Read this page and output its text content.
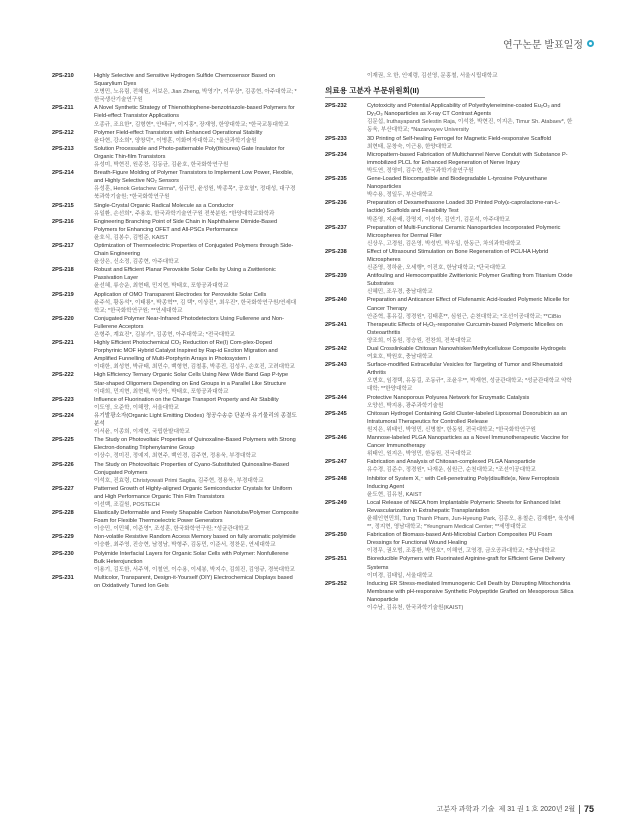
연구논문 발표일정
2PS-210	Highly Selective and Sensitive Hydrogen Sulfide Chemosensor Based on Squarylium Dyes
오병민, 노유림, 전혜원, 서보은, Jian Zheng, 박영기*, 이무상*, 김종현, 아주대학교; *한국생산기술연구원
2PS-211	A Novel Synthetic Strategy of Thienothiophene-benzotriazole-based Polymers for Field-effect Transistor Applications
오종규, 조요한*, 김형현*, 안태규*, 이지홍*, 장재영, 한양대학교; *한국교통대학교
2PS-212	Polymer Field-effect Transistors with Enhanced Operational Stability
윤다현, 강소희*, 양창덕*, 이병훈, 이화여자대학교; *울산과학기술원
2PS-213	Solution Processable and Photo-patternable Poly(thiourea) Gate Insulator for Organic Thin-film Transistors
유성미, 박현진, 원종찬, 김동균, 김윤호, 한국화학연구원
2PS-214	Breath-Figure Molding of Polymer Transistors to Implement Low Power, Flexible, and Highly Selective NO₂ Sensors
유성훈, Henok Getachew Girma*, 심규민, 윤성원, 박종목*, 공호열*, 정대성, 대구경북과학기술원; *한국화학연구원
2PS-215	Single-Crystal Organic Radical Molecule as a Conductor
유일환, 손선희*, 주용호, 한국과학기술연구원 전북분원; *한양대학교화학과
2PS-216	Engineering Branching Point of Side Chain in Naphthalene Diimide-Based Polymers for Enhancing OFET and All-PSCs Performance
윤호식, 김봉수, 김범준, KAIST
2PS-217	Optimization of Thermoelectric Properties of Conjugated Polymers through Side-Chain Engineering
윤상은, 신소정, 김종현, 아주대학교
2PS-218	Robust and Efficient Planar Perovskite Solar Cells by Using a Zwitterionic Passivation Layer
윤선혜, 류승운, 최현태, 민지현, 박태호, 포항공과대학교
2PS-219	Application of OMO Transparent Electrodes for Perovskite Solar Cells
윤주석, 황동석*, 이태룡*, 박종혁**, 김 택*, 이상진*, 최우진*, 한국화학연구원/연세대학교; *한국화학연구원; **연세대학교
2PS-220	Conjugated Polymer Near-Infrared Photodetectors Using Fullerene and Non-Fullerene Acceptors
은형주, 계효진*, 김봉기*, 김종현, 아주대학교; *전국대학교
2PS-221	Highly Efficient Photochemical CO₂ Reduction of Re(I) Com-plex-Doped Porphyrinic MOF Hybrid Catalyst Inspired by Rap-id Exciton Migration and Amplified Funnelling of Multi-Porphyrin Arrays in Photosystem I
이대한, 최성현, 박규태, 최민수, 백형현, 김철홍, 박종진, 김성우, 손호진, 고려대학교
2PS-222	High Efficiency Ternary Organic Solar Cells Using New Wide Band Gap P-type Star-shaped Oligomers Depending on End Groups in a Parallel Like Structure
이대희, 민지현, 최현태, 박상아, 박태호, 포항공과대학교
2PS-223	Influence of Fluorination on the Charge Transport Property and Air Stability
이도영, 오준학, 이해랑, 서울대학교
2PS-224	유기발광소자(Organic Light Emitting Diodes) 청공수송층 단분자 유기물리의 종결도 분석
이서윤, 이종희, 이재현, 국립한밭대학교
2PS-225	The Study on Photovoltaic Properties of Quinoxaline-Based Polymers with Strong Electron-donating Triphenylamine Group
이상수, 정미진, 정예지, 최현주, 백인경, 김주현, 정용욱, 부경대학교
2PS-226	The Study on Photovoltaic Properties of Cyano-Substituted Quinoxaline-Based Conjugated Polymers
이석호, 진효령, Christyowati Primi Sagita, 김주현, 정용욱, 부경대학교
2PS-227	Patterned Growth of Highly-aligned Organic Semiconductor Crystals for Uniform and High Performance Organic Thin Film Transistors
이선백, 조길원, POSTECH
2PS-228	Elastically Deformable and Freely Shapable Carbon Nanotube/Polymer Composite Foam for Flexible Thermoelectric Power Generators
이승민, 이민혜, 이준영*, 조성훈, 한국화학연구원; *성균관대학교
2PS-229	Non-volatile Resistive Random Access Memory based on fully aromatic polyimide
이승환, 최주영, 진승현, 남정남, 박형주, 김동민, 이준서, 정찬문, 연세대학교
2PS-230	Polyimide Interfacial Layers for Organic Solar Cells with Polymer: Nonfullerene Bulk Heterojunction
이용기, 김도한, 서주역, 이철연, 이수용, 이세봉, 박지수, 김희진, 김영규, 경북대학교
2PS-231	Multicolor, Transparent, Design-it-Yourself (DIY) Electrochemical Displays based on Oxidatively Tuned Ion Gels
이재권, 오 한, 인예령, 김선영, 문홍철, 서울시립대학교
의료용 고분자 부문위원회(II)
2PS-232	Cytotoxicity and Potential Applicability of Polyethyleneimine-coated Eu₂O₃ and Dy₂O₃ Nanoparticles as X-ray CT Contrast Agents
김문섭, Iruthayapandi Selestin Raja, 이석찬, 박현진, 이지은, Timur Sh. Atabaev*, 한동욱, 부산대학교; *Nazarvayev University
2PS-233	3D Printing of Self-healing Ferrogel for Magnetic Field-responsive Scaffold
최현태, 문창숙, 이근용, 한양대학교
2PS-234	Micropattern-based Fabrication of Multichannel Nerve Conduit with Substance P-immobilized PLCL for Enhanced Regeneration of Nerve Injury
박도연, 정영미, 김수현, 한국과학기술연구원
2PS-235	Gene-Loaded Biocompatible and Biodegradable L-tyrosine Polyurethane Nanoparticles
박수용, 정일두, 부산대학교
2PS-236	Preparation of Dexamethasone Loaded 3D Printed Poly(ε-caprolactone-ran-L-lactide) Scaffolds and Feasibility Test
박준영, 지윤배, 강명지, 이성아, 김연기, 김문석, 아주대학교
2PS-237	Preparation of Multi-Functional Ceramic Nanoparticles Incorporated Polymeric Microspheres for Dermal Filler
신상우, 고경원, 김은영, 박성빈, 박우일, 한동근, 차의과학대학교
2PS-238	Effect of Ultrasound Stimulation on Bone Regeneration of PCL/HA Hybrid Microspheres
신준영, 정하윤, 오세행*, 이진호, 한남대학교; *단국대학교
2PS-239	Antifouling and Hemocompatible Zwitterionic Polymer Grafting from Titanium Oxide Substrates
신혜민, 조우경, 충남대학교
2PS-240	Preparation and Anticancer Effect of Flufenamic Acid-loaded Polymeric Micelle for Cancer Therapy
안준혁, 홍유길, 정경원*, 김태훈**, 심원근, 순천대학교; *조선이공대학교; **CiBio
2PS-241	Therapeutic Effects of H₂O₂-responsive Curcumin-based Polymeric Micelles on Osteoarthritis
양조희, 이동원, 정승원, 전찬희, 전북대학교
2PS-242	Dual Crosslinkable Chitosan Nanowhisker/Methylcellulose Composite Hydrogels
여효호, 박원호, 충남대학교
2PS-243	Surface-modified Extracellular Vesicles for Targeting of Tumor and Rheumatoid Arthritis
오변호, 임경택, 유동길, 조동규*, 조윤우**, 박재현, 성균관대학교; *성균관대학교 약학대학; **한양대학교
2PS-244	Protective Nanoporous Polyurea Network for Enzymatic Catalysis
오양선, 박지용, 광주과학기술원
2PS-245	Chitosan Hydrogel Containing Gold Cluster-labeled Liposomal Doxorubicin as an Intratumoral Therapeutics for Controlled Release
원지은, 위태인, 박영민, 신병철*, 한동원, 전국대학교; *한국화학연구원
2PS-246	Mannose-labeled PLGA Nanoparticles as a Novel Immunotherapeutic Vaccine for Cancer Immunotherapy
위태인, 원지은, 박영민, 한동원, 건국대학교
2PS-247	Fabrication and Analysis of Chitosan-complexed PLGA Nanoparticle
유수경, 김준수, 정경원*, 나재운, 심원근, 순천대학교; *조선이공대학교
2PS-248	Inhibitor of System X꜀⁻ with Cell-penetrating Poly(disulfide)s, New Ferroptosis Inducing Agent
윤도현, 김유천, KAIST
2PS-249	Local Release of NECA from Implantable Polymeric Sheets for Enhanced Islet Revascularization in Extrahepatic Transplantation
윤웨인현민희, Tung Thanh Pham, Jun-Hyeung Park, 김종오, 용철순, 김재환*, 육성배**, 정지현, 영남대학교; *Yeungnam Medical Center; **세명대학교
2PS-250	Fabrication of Biomass-based Anti-Microbial Carbon Composites PU Foam Dressings for Functional Wound Healing
이경무, 권오범, 조홍환, 박원호*, 이해연, 고영경, 금오공과대학교; *충남대학교
2PS-251	Bioreducible Polymers with Fluorinated Arginine-graft for Efficient Gene Delivery Systems
이미경, 김태일, 서울대학교
2PS-252	Inducing ER Stress-mediated Immunogenic Cell Death by Disrupting Mitochondria Membrane with pH-responsive Synthetic Polypeptide Grafted on Mesoporous Silica Nanoparticle
이수남, 김유천, 한국과학기술원(KAIST)
고분자 과학과 기술 제 31 권 1 호 2020년 2월 75
